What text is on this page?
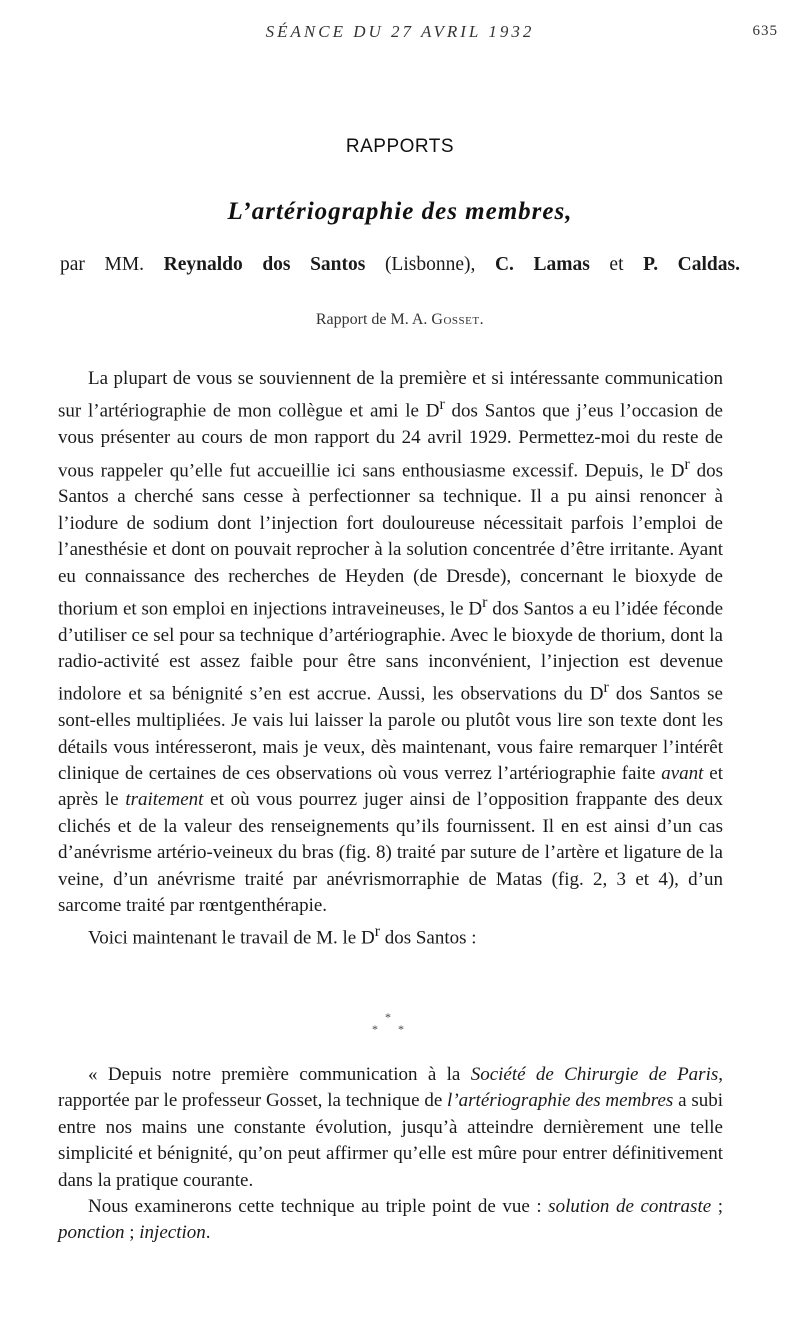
SÉANCE DU 27 AVRIL 1932	635
RAPPORTS
L’artériographie des membres,
par MM. Reynaldo dos Santos (Lisbonne), C. Lamas et P. Caldas.
Rapport de M. A. Gosset.

La plupart de vous se souviennent de la première et si intéressante communication sur l’artériographie de mon collègue et ami le $D^r$ dos Santos que j’eus l’occasion de vous présenter au cours de mon rapport du 24 avril 1929. Permettez-moi du reste de vous rappeler qu’elle fut accueillie ici sans enthousiasme excessif. Depuis, le $D^r$ dos Santos a cherché sans cesse à perfectionner sa technique. Il a pu ainsi renoncer à l’iodure de sodium dont l’injection fort douloureuse nécessitait parfois l’emploi de l’anesthésie et dont on pouvait reprocher à la solution concentrée d’être irritante. Ayant eu connaissance des recherches de Heyden (de Dresde), concernant le bioxyde de thorium et son emploi en injections intraveineuses, le $D^r$ dos Santos a eu l’idée féconde d’utiliser ce sel pour sa technique d’artériographie. Avec le bioxyde de thorium, dont la radio-activité est assez faible pour être sans inconvénient, l’injection est devenue indolore et sa bénignité s’en est accrue. Aussi, les observations du $D^r$ dos Santos se sont-elles multipliées. Je vais lui laisser la parole ou plutôt vous lire son texte dont les détails vous intéresseront, mais je veux, dès maintenant, vous faire remarquer l’intérêt clinique de certaines de ces observations où vous verrez l’artériographie faite avant et après le traitement et où vous pourrez juger ainsi de l’opposition frappante des deux clichés et de la valeur des renseignements qu’ils fournissent. Il en est ainsi d’un cas d’anévrisme artério-veineux du bras (fig. 8) traité par suture de l’artère et ligature de la veine, d’un anévrisme traité par anévrismorraphie de Matas (fig. 2, 3 et 4), d’un sarcome traité par rœntgenthérapie.

Voici maintenant le travail de M. le $D^r$ dos Santos :

*
* *

« Depuis notre première communication à la Société de Chirurgie de Paris, rapportée par le professeur Gosset, la technique de l’artériographie des membres a subi entre nos mains une constante évolution, jusqu’à atteindre dernièrement une telle simplicité et bénignité, qu’on peut affirmer qu’elle est mûre pour entrer définitivement dans la pratique courante.

Nous examinerons cette technique au triple point de vue : solution de contraste ; ponction ; injection.
